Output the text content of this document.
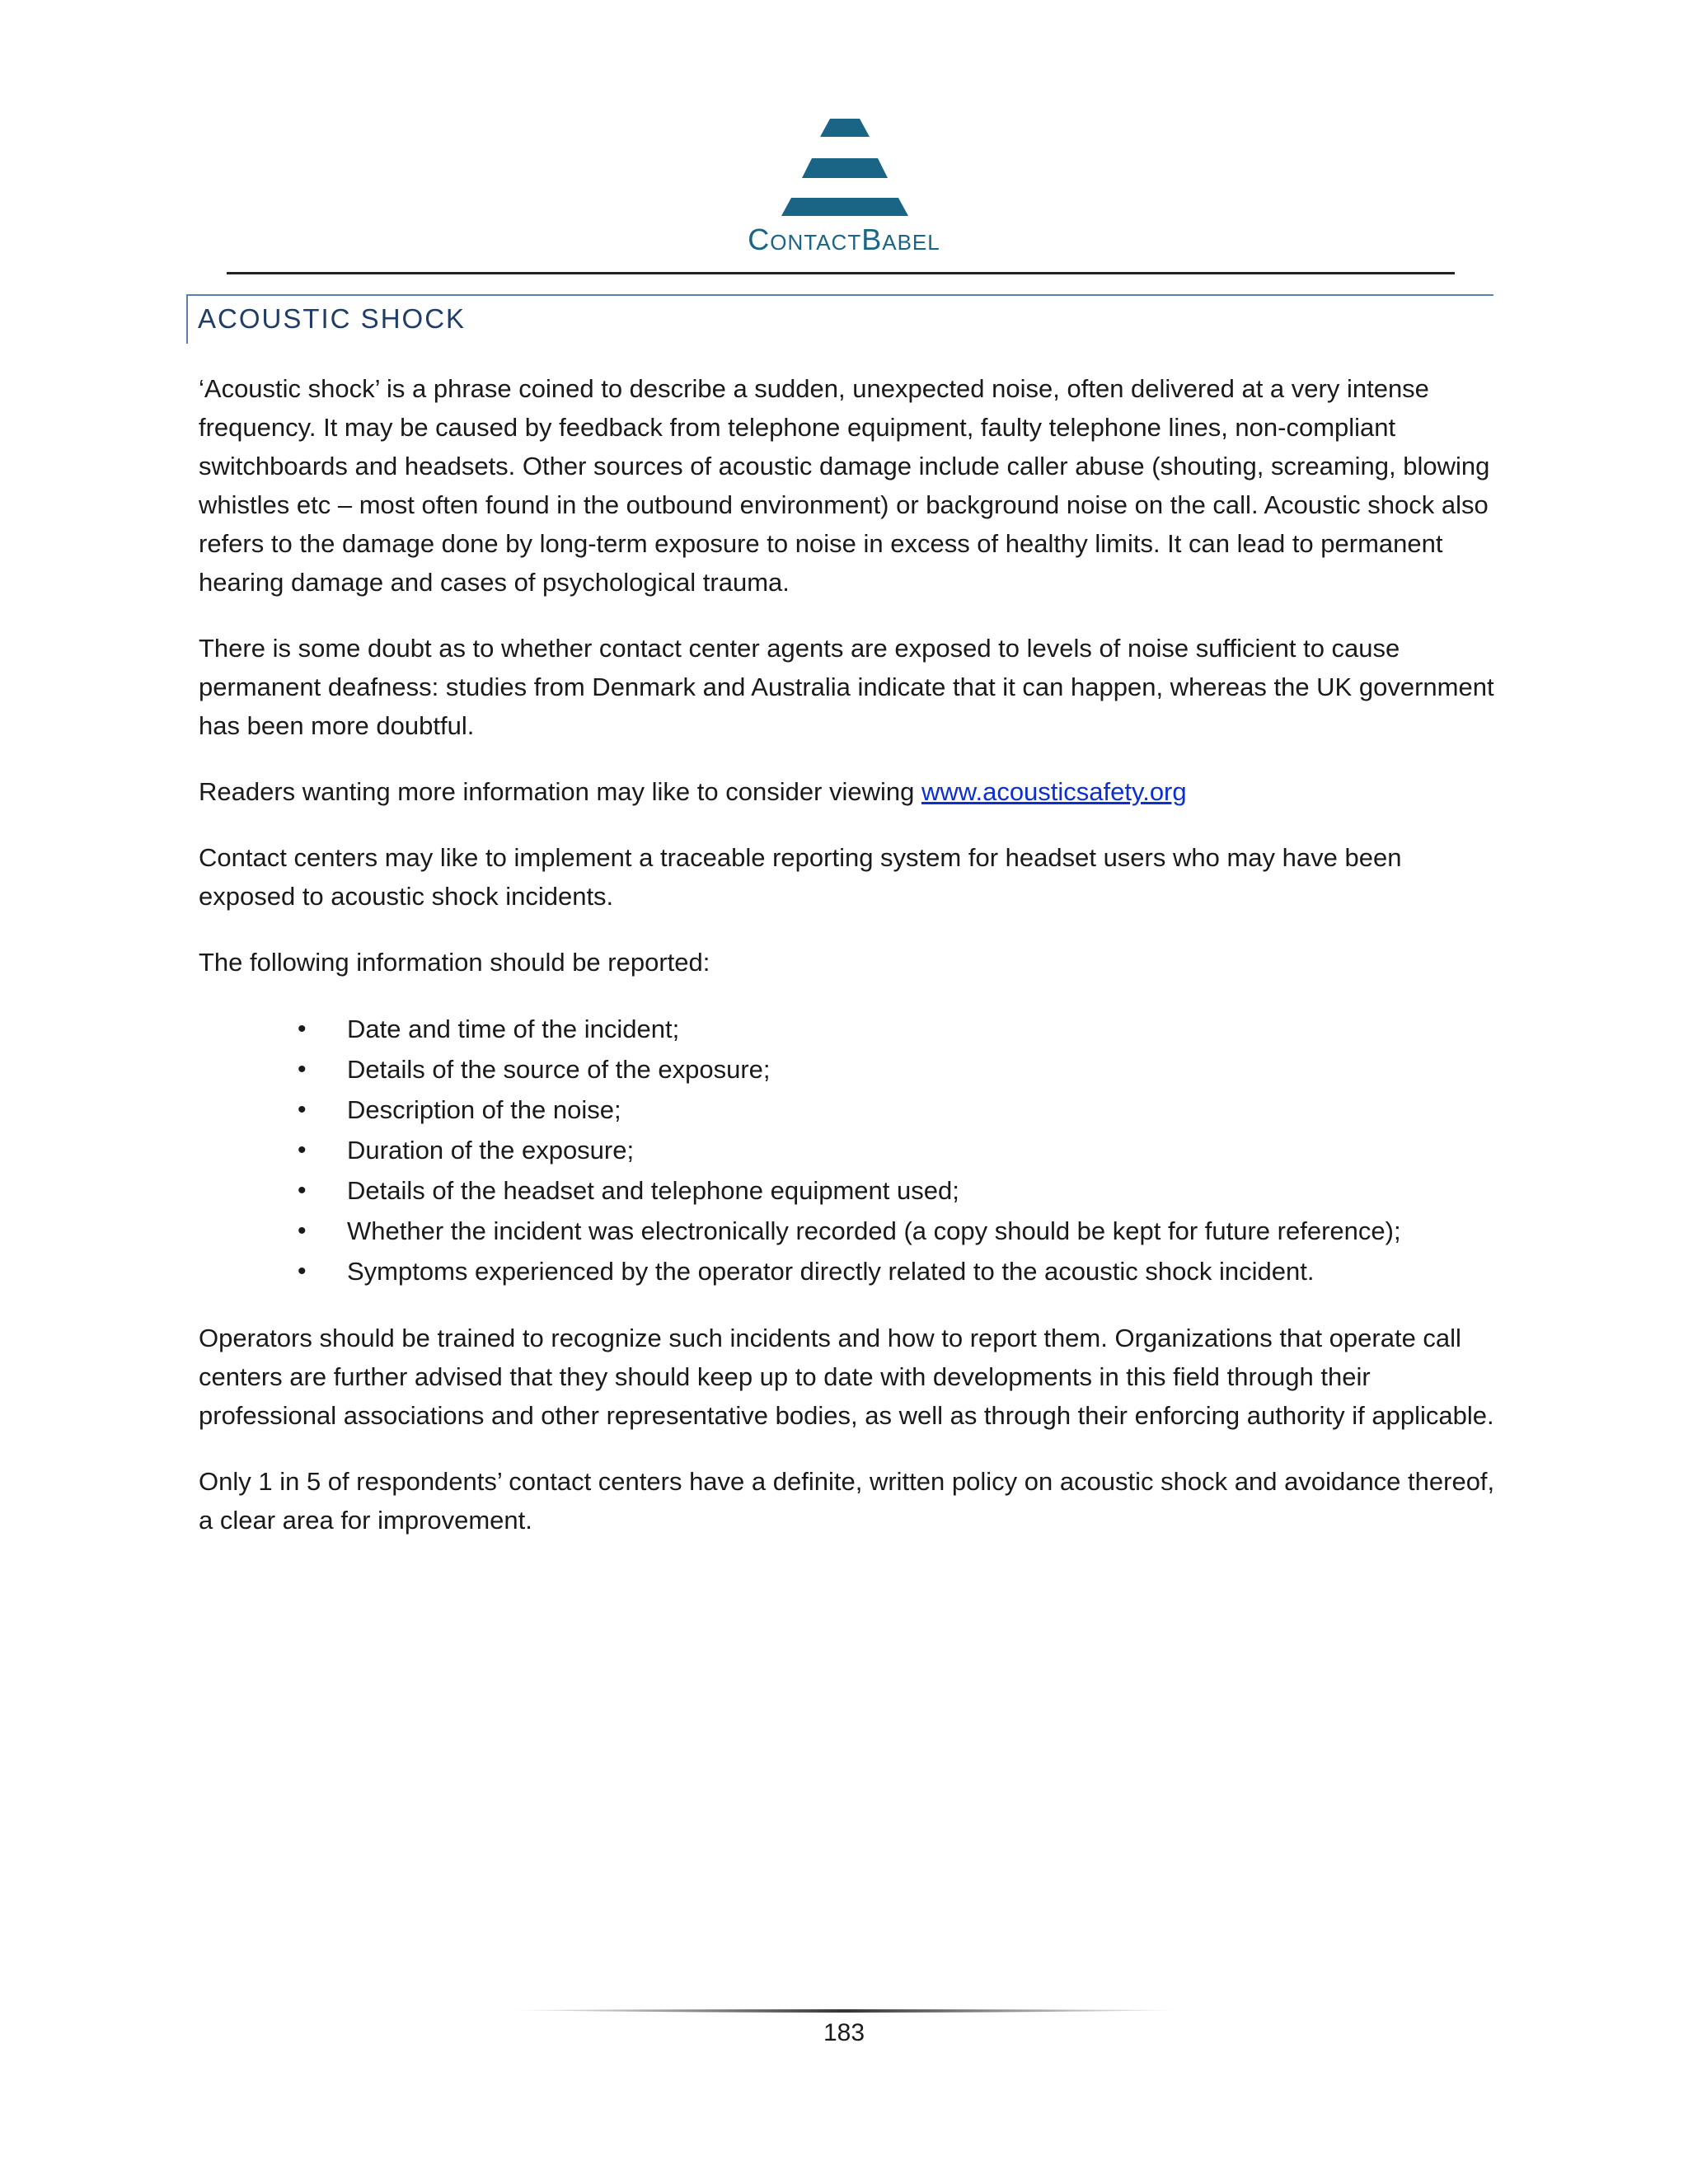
CONTACTBABEL
ACOUSTIC SHOCK

‘Acoustic shock’ is a phrase coined to describe a sudden, unexpected noise, often delivered at a very intense frequency. It may be caused by feedback from telephone equipment, faulty telephone lines, non-compliant switchboards and headsets. Other sources of acoustic damage include caller abuse (shouting, screaming, blowing whistles etc – most often found in the outbound environment) or background noise on the call. Acoustic shock also refers to the damage done by long-term exposure to noise in excess of healthy limits. It can lead to permanent hearing damage and cases of psychological trauma.

There is some doubt as to whether contact center agents are exposed to levels of noise sufficient to cause permanent deafness: studies from Denmark and Australia indicate that it can happen, whereas the UK government has been more doubtful.

Readers wanting more information may like to consider viewing www.acousticsafety.org

Contact centers may like to implement a traceable reporting system for headset users who may have been exposed to acoustic shock incidents.

The following information should be reported:

• Date and time of the incident;
• Details of the source of the exposure;
• Description of the noise;
• Duration of the exposure;
• Details of the headset and telephone equipment used;
• Whether the incident was electronically recorded (a copy should be kept for future reference);
• Symptoms experienced by the operator directly related to the acoustic shock incident.

Operators should be trained to recognize such incidents and how to report them. Organizations that operate call centers are further advised that they should keep up to date with developments in this field through their professional associations and other representative bodies, as well as through their enforcing authority if applicable.

Only 1 in 5 of respondents’ contact centers have a definite, written policy on acoustic shock and avoidance thereof, a clear area for improvement.

183
